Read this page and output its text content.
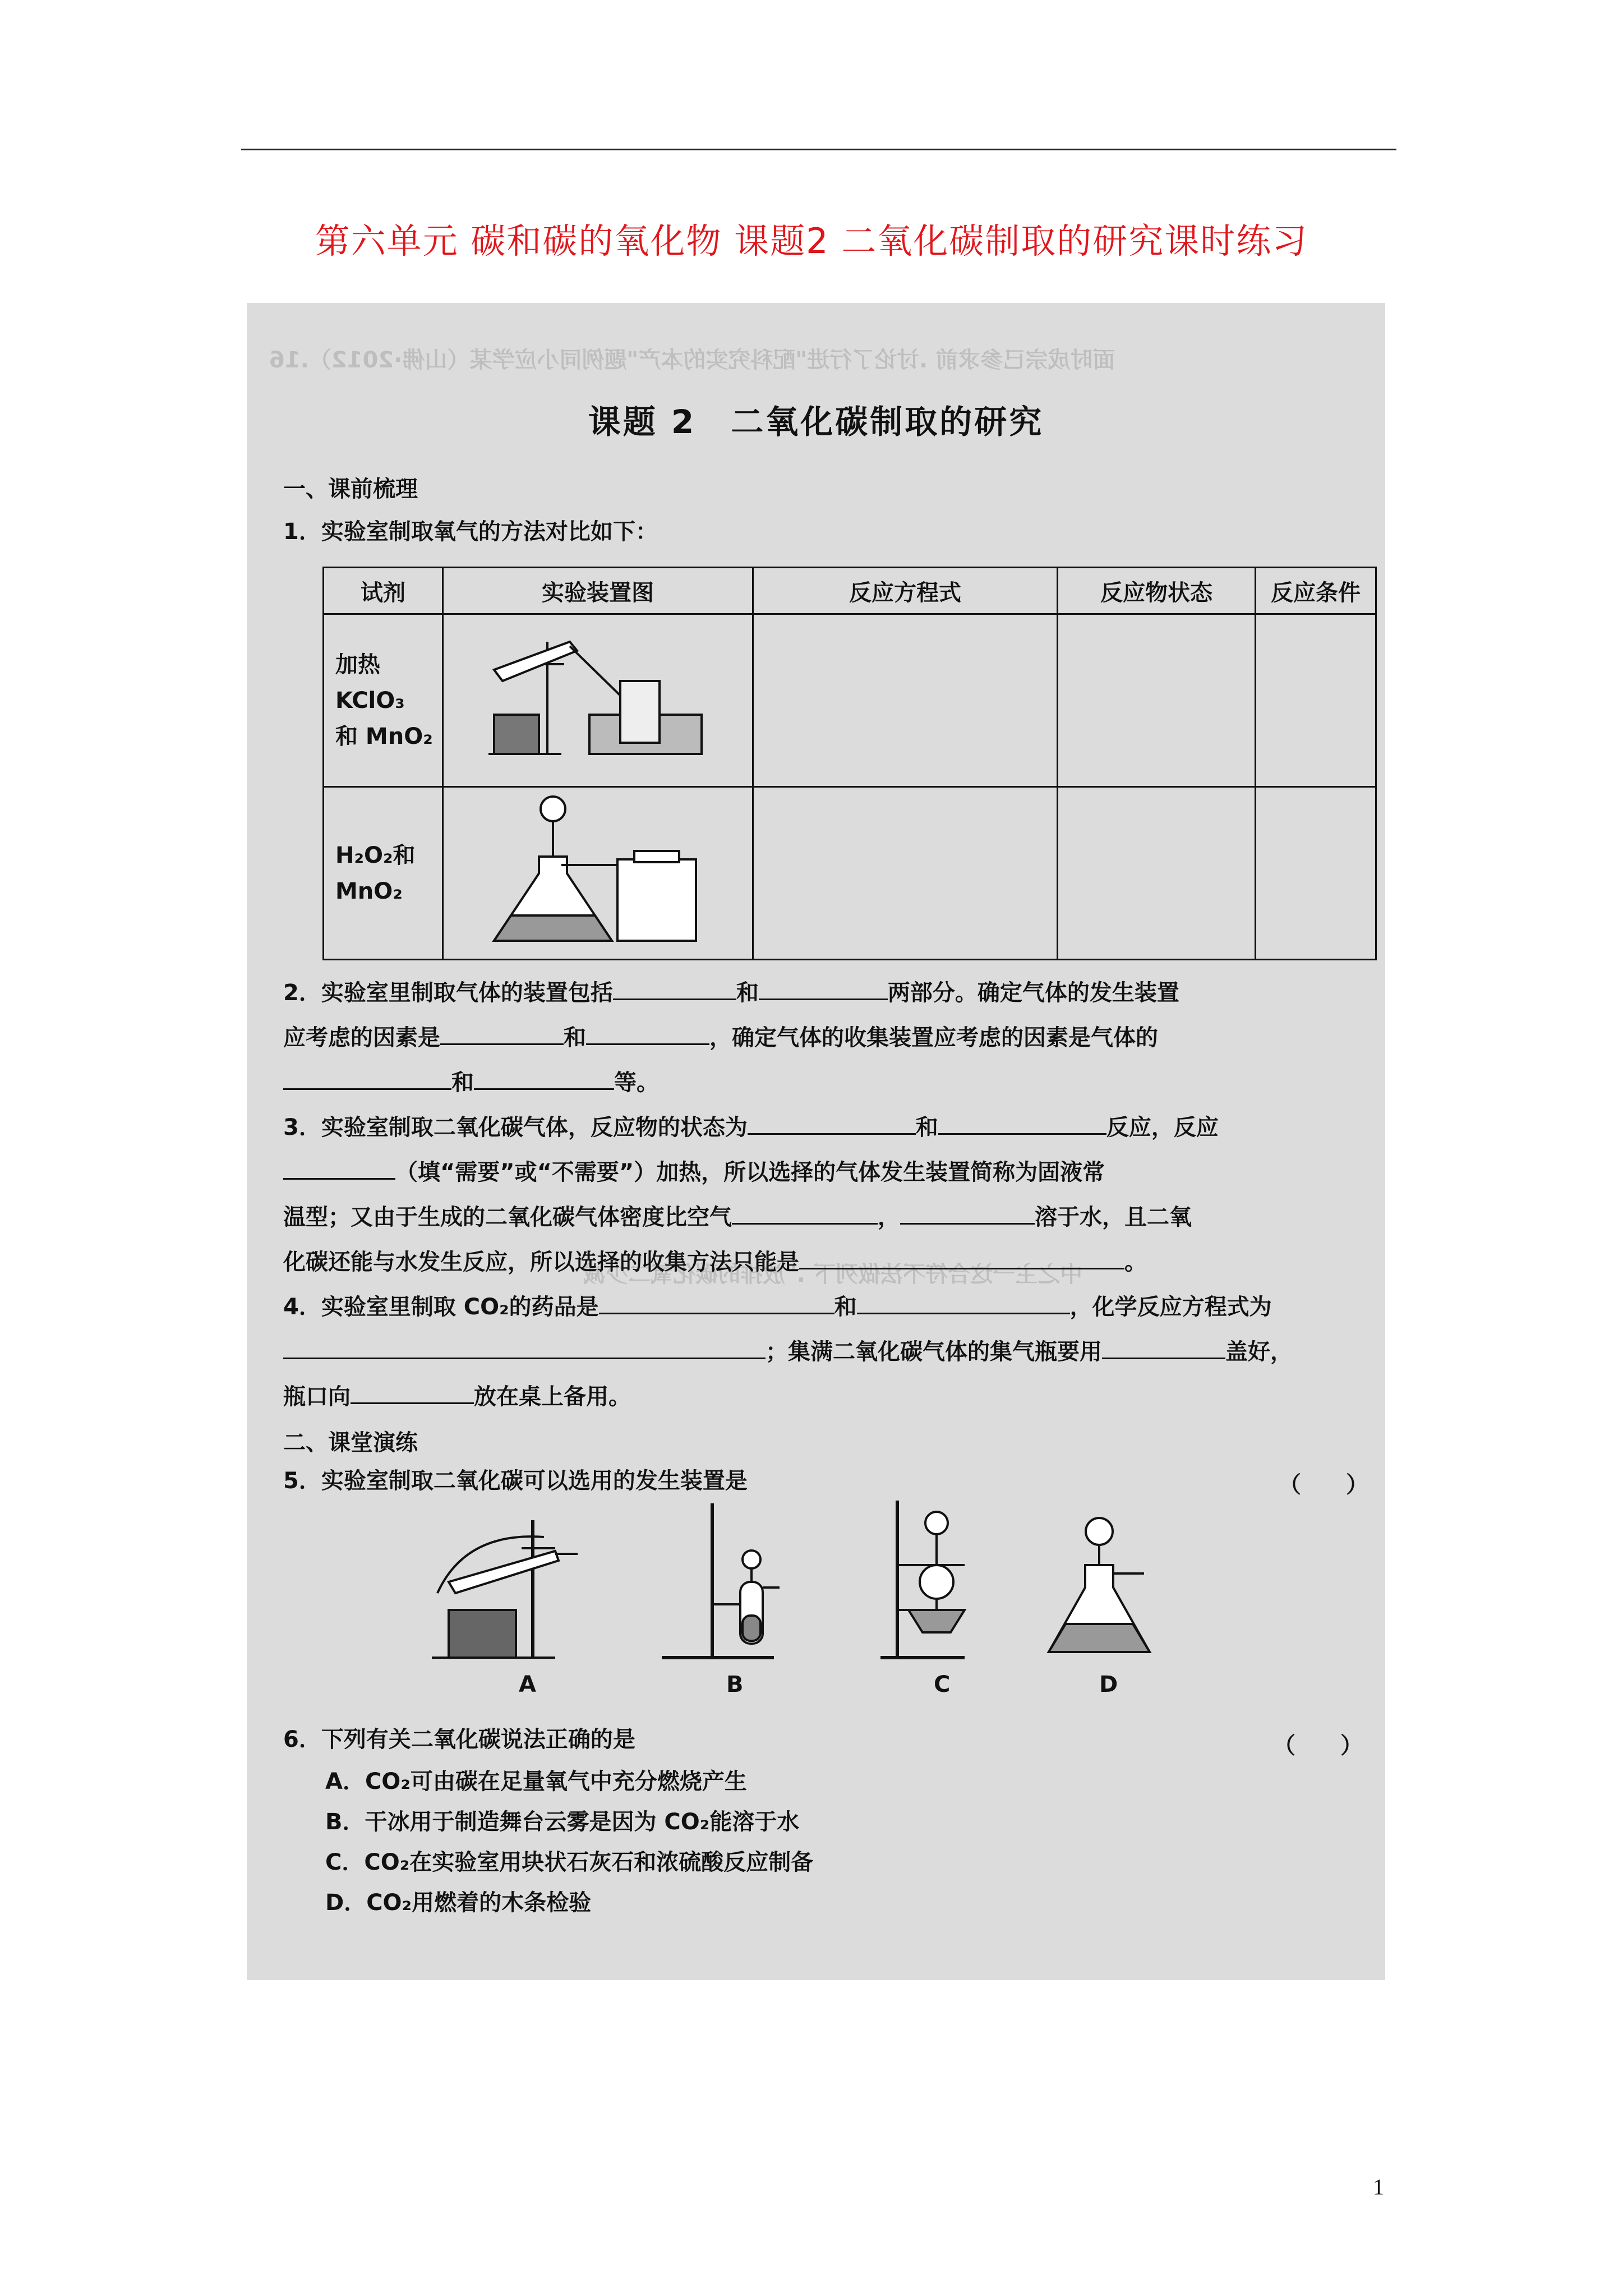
第六单元 碳和碳的氧化物 课题2 二氧化碳制取的研究课时练习
面时成宗已参求前 .讨论了行进"配科究实的本产"题例同小应学某（山佛·2012）.16
中之主一这合符不法做列下 ."放排的碳化氧二少减
课题 2　二氧化碳制取的研究
一、课前梳理
1．实验室制取氧气的方法对比如下：
试剂	实验装置图	反应方程式	反应物状态	反应条件

加热 KClO₃
和 MnO₂

H₂O₂和
MnO₂

2．实验室里制取气体的装置包括	和	两部分。确定气体的发生装置
应考虑的因素是	和	，确定气体的收集装置应考虑的因素是气体的
和	等。
3．实验室制取二氧化碳气体，反应物的状态为	和	反应，反应
（填“需要”或“不需要”）加热，所以选择的气体发生装置简称为固液常
温型；又由于生成的二氧化碳气体密度比空气	，	溶于水，且二氧
化碳还能与水发生反应，所以选择的收集方法只能是	。
4．实验室里制取 CO₂的药品是	和	，化学反应方程式为
；集满二氧化碳气体的集气瓶要用	盖好，
瓶口向	放在桌上备用。
二、课堂演练
5．实验室制取二氧化碳可以选用的发生装置是	（　　）
A	B	C	D
6．下列有关二氧化碳说法正确的是	（　　）
A．CO₂可由碳在足量氧气中充分燃烧产生
B．干冰用于制造舞台云雾是因为 CO₂能溶于水
C．CO₂在实验室用块状石灰石和浓硫酸反应制备
D．CO₂用燃着的木条检验
1
